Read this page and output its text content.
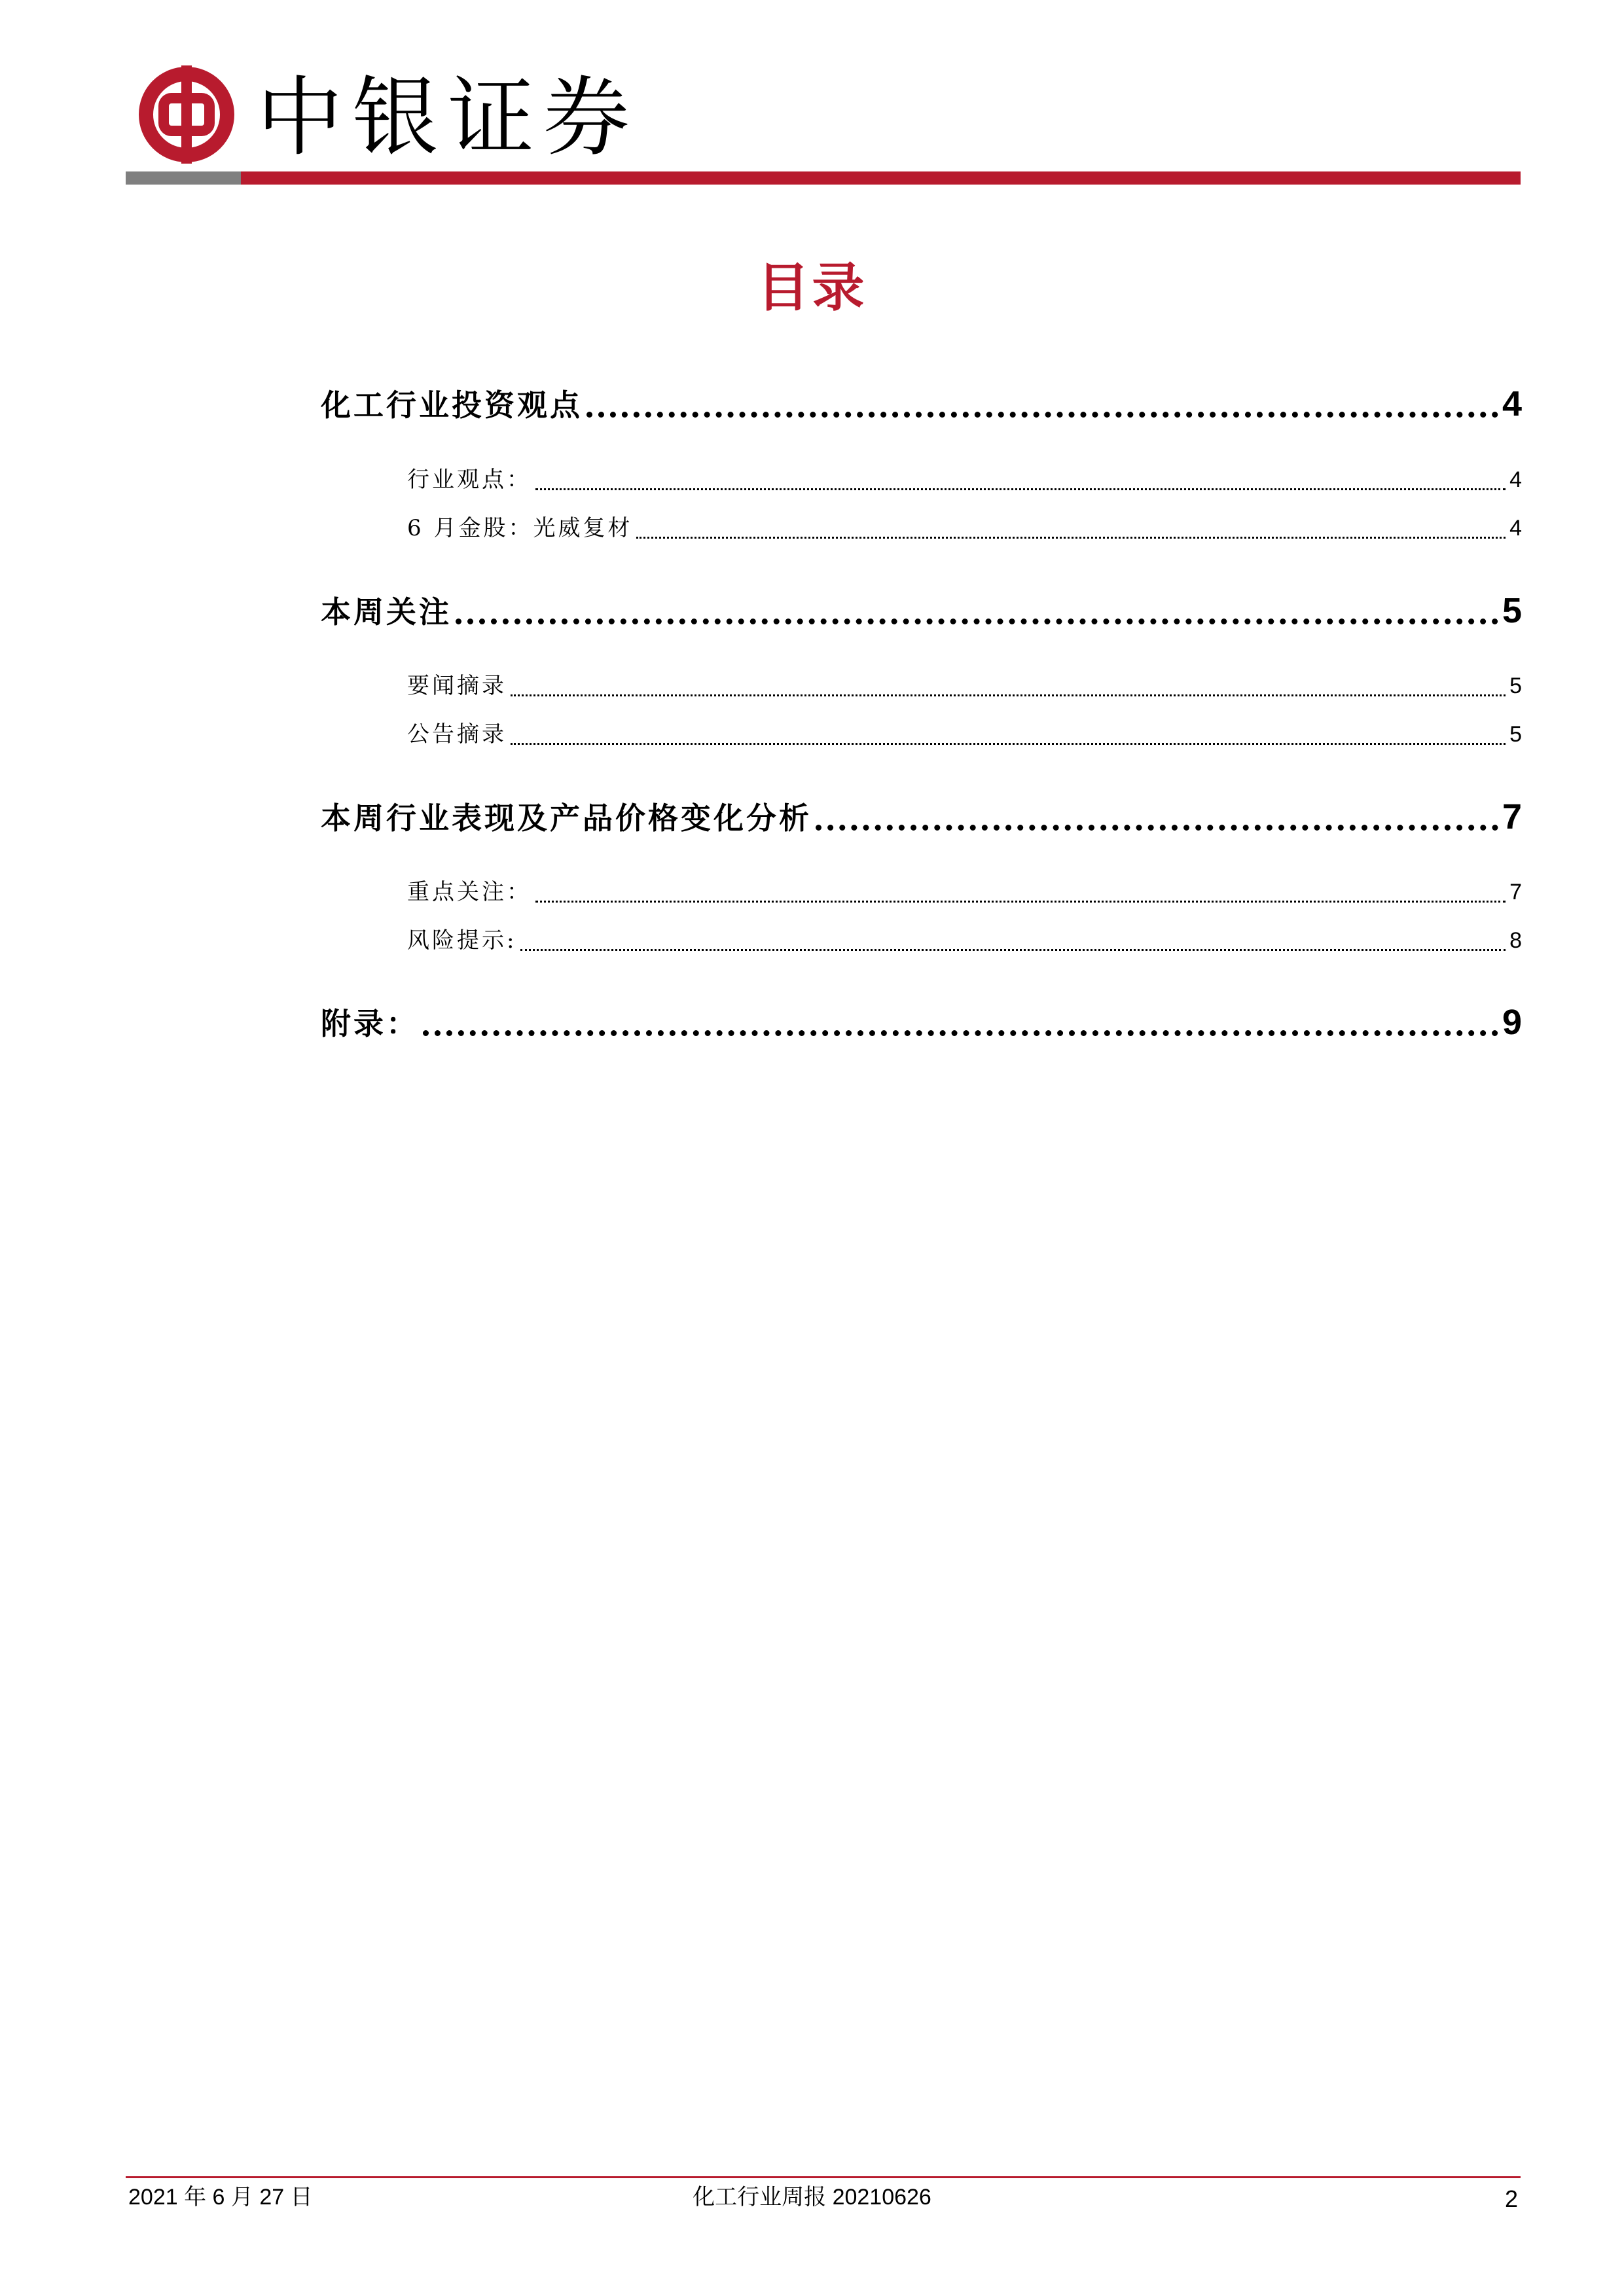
中银证券
目录
化工行业投资观点	4
行业观点：	4
6 月金股：光威复材	4
本周关注	5
要闻摘录	5
公告摘录	5
本周行业表现及产品价格变化分析	7
重点关注：	7
风险提示:	8
附录：	9
2021 年 6 月 27 日	化工行业周报 20210626	2
